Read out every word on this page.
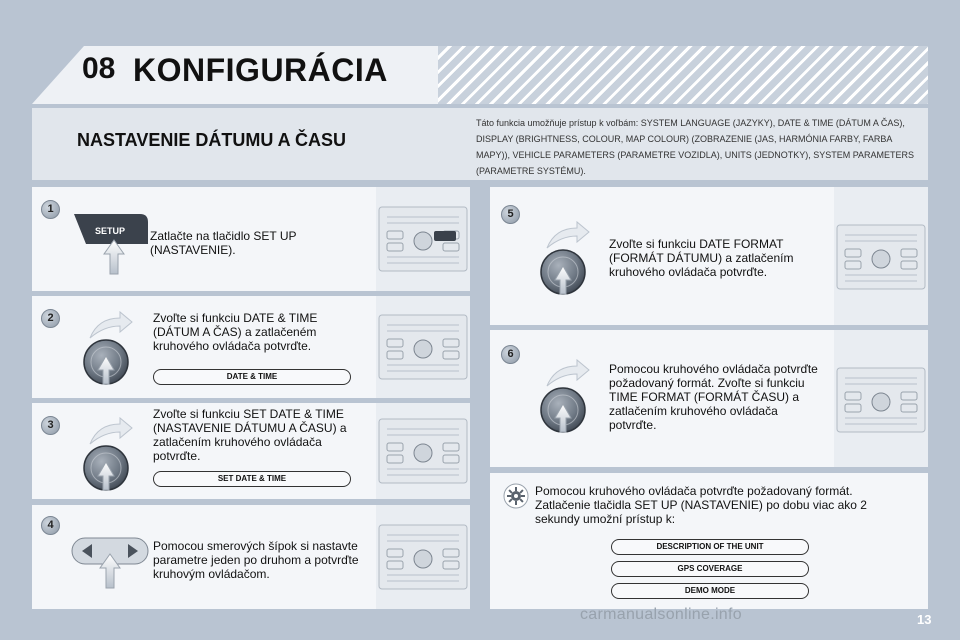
08 KONFIGURÁCIA
NASTAVENIE DÁTUMU A ČASU
Táto funkcia umožňuje prístup k voľbám: SYSTEM LANGUAGE (JAZYKY), DATE & TIME (DÁTUM A ČAS), DISPLAY (BRIGHTNESS, COLOUR, MAP COLOUR) (ZOBRAZENIE (JAS, HARMÓNIA FARBY, FARBA MAPY)), VEHICLE PARAMETERS (PARAMETRE VOZIDLA), UNITS (JEDNOTKY), SYSTEM PARAMETERS (PARAMETRE SYSTÉMU).
1
SETUP Zatlačte na tlačidlo SET UP (NASTAVENIE).
2	Zvoľte si funkciu DATE & TIME (DÁTUM A ČAS) a zatlačeném kruhového ovládača potvrďte.
DATE & TIME
3
Zvoľte si funkciu SET DATE & TIME (NASTAVENIE DÁTUMU A ČASU) a zatlačením kruhového ovládača potvrďte.
SET DATE & TIME
4
Pomocou smerových šípok si nastavte parametre jeden po druhom a potvrďte kruhovým ovládačom.
5
Zvoľte si funkciu DATE FORMAT (FORMÁT DÁTUMU) a zatlačením kruhového ovládača potvrďte.
6
Pomocou kruhového ovládača potvrďte požadovaný formát. Zvoľte si funkciu TIME FORMAT (FORMÁT ČASU) a zatlačením kruhového ovládača potvrďte.
Pomocou kruhového ovládača potvrďte požadovaný formát. Zatlačenie tlačidla SET UP (NASTAVENIE) po dobu viac ako 2 sekundy umožní prístup k:
DESCRIPTION OF THE UNIT
GPS COVERAGE
DEMO MODE
carmanualsonline.info	13
